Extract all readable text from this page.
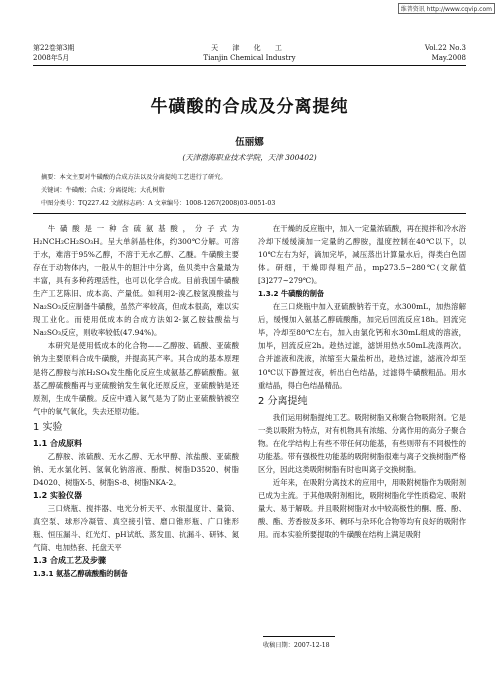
维普资讯 http://www.cqvip.com
第22卷第3期
2008年5月
天 津 化 工
Tianjin Chemical Industry
Vol.22 No.3
May.2008
牛磺酸的合成及分离提纯
伍丽娜
(天津渤海职业技术学院，天津 300402)
摘要：本文主要对牛磺酸的合成方法以及分离提纯工艺进行了研究。
关键词：牛磺酸；合成；分离提纯；大孔树脂
中图分类号：TQ227.42 文献标志码：A 文章编号：1008-1267(2008)03-0051-03

牛磺酸是一种含硫氨基酸，分子式为H₂NCH₂CH₂SO₃H。呈大单斜晶柱体，约300℃分解。可溶于水，难溶于95%乙醇，不溶于无水乙醇、乙醚。牛磺酸主要存在于动物体内，一般从牛的胆汁中分离，鱼贝类中含量最为丰富，具有多种药理活性，也可以化学合成。目前我国牛磺酸生产工艺陈旧、成本高、产量低。如利用2-溴乙胺氢溴酸盐与Na₂SO₃反应制备牛磺酸，虽然产率较高，但成本很高，难以实现工业化。而使用低成本的合成方法如2-氯乙胺盐酸盐与Na₂SO₃反应，则收率较低(47.94%)。

本研究是使用低成本的化合物——乙醇胺、硫酸、亚硫酸钠为主要原料合成牛磺酸，并提高其产率。其合成的基本原理是将乙醇胺与浓H₂SO₄发生酯化反应生成氨基乙醇硫酸酯。氨基乙醇硫酸酯再与亚硫酸钠发生氧化还原反应，亚硫酸钠是还原剂，生成牛磺酸。反应中通入氮气是为了防止亚硫酸钠被空气中的氧气氧化，失去还原功能。

1 实验
1.1 合成原料

乙醇胺、浓硫酸、无水乙醇、无水甲醇、浓盐酸、亚硫酸钠、无水氯化钙、氢氧化钠溶液、酚酞、树脂D3520、树脂D4020、树脂X-5、树脂S-8、树脂NKA-2。

1.2 实验仪器

三口烧瓶、搅拌器、电光分析天平、水银温度计、量筒、真空泵、球形冷凝管、真空接引管、磨口锥形瓶、广口锥形瓶、恒压漏斗、红光灯、pH试纸、蒸发皿、抗漏斗、研钵、氮气筒、电加热套、托盘天平

1.3 合成工艺及步骤
1.3.1 氨基乙醇硫酸酯的制备

在干燥的反应瓶中，加入一定量浓硫酸，再在搅拌和冷水浴冷却下缓缓滴加一定量的乙醇胺，温度控制在40℃以下，以10℃左右为好，滴加完毕，减压蒸出计算量水后，得类白色固体。研细，干燥即得粗产品，mp273.5~280℃(文献值[3]277~279℃)。

1.3.2 牛磺酸的制备

在三口烧瓶中加入亚硫酸钠若干克，水300mL，加热溶解后，缓慢加入氨基乙醇硫酸酯，加完后回流反应18h。回流完毕，冷却至80℃左右，加入由氯化钙和水30mL组成的溶液，加毕，回流反应2h。趁热过滤，滤饼用热水50mL洗涤两次。合并滤液和洗液，浓缩至大量盐析出，趁热过滤，滤液冷却至10℃以下静置过夜，析出白色结晶，过滤得牛磺酸粗品。用水重结晶，得白色结晶精品。

2 分离提纯

我们运用树脂提纯工艺。吸附树脂又称聚合物吸附剂。它是一类以吸附为特点，对有机物具有浓缩、分离作用的高分子聚合物。在化学结构上有些不带任何功能基，有些则带有不同极性的功能基。带有强极性功能基的吸附树脂很难与离子交换树脂严格区分，因此这类吸附树脂有时也叫离子交换树脂。

近年来，在吸附分离技术的应用中，用吸附树脂作为吸附剂已成为主流。于其他吸附剂相比，吸附树脂化学性质稳定、吸附量大、易于解吸。并且吸附树脂对水中较高极性的酮、醛、酚、酸、酯、芳香胺及多环、稠环与杂环化合物等均有良好的吸附作用。而本实验所要提取的牛磺酸在结构上满足吸附

收稿日期：2007-12-18
